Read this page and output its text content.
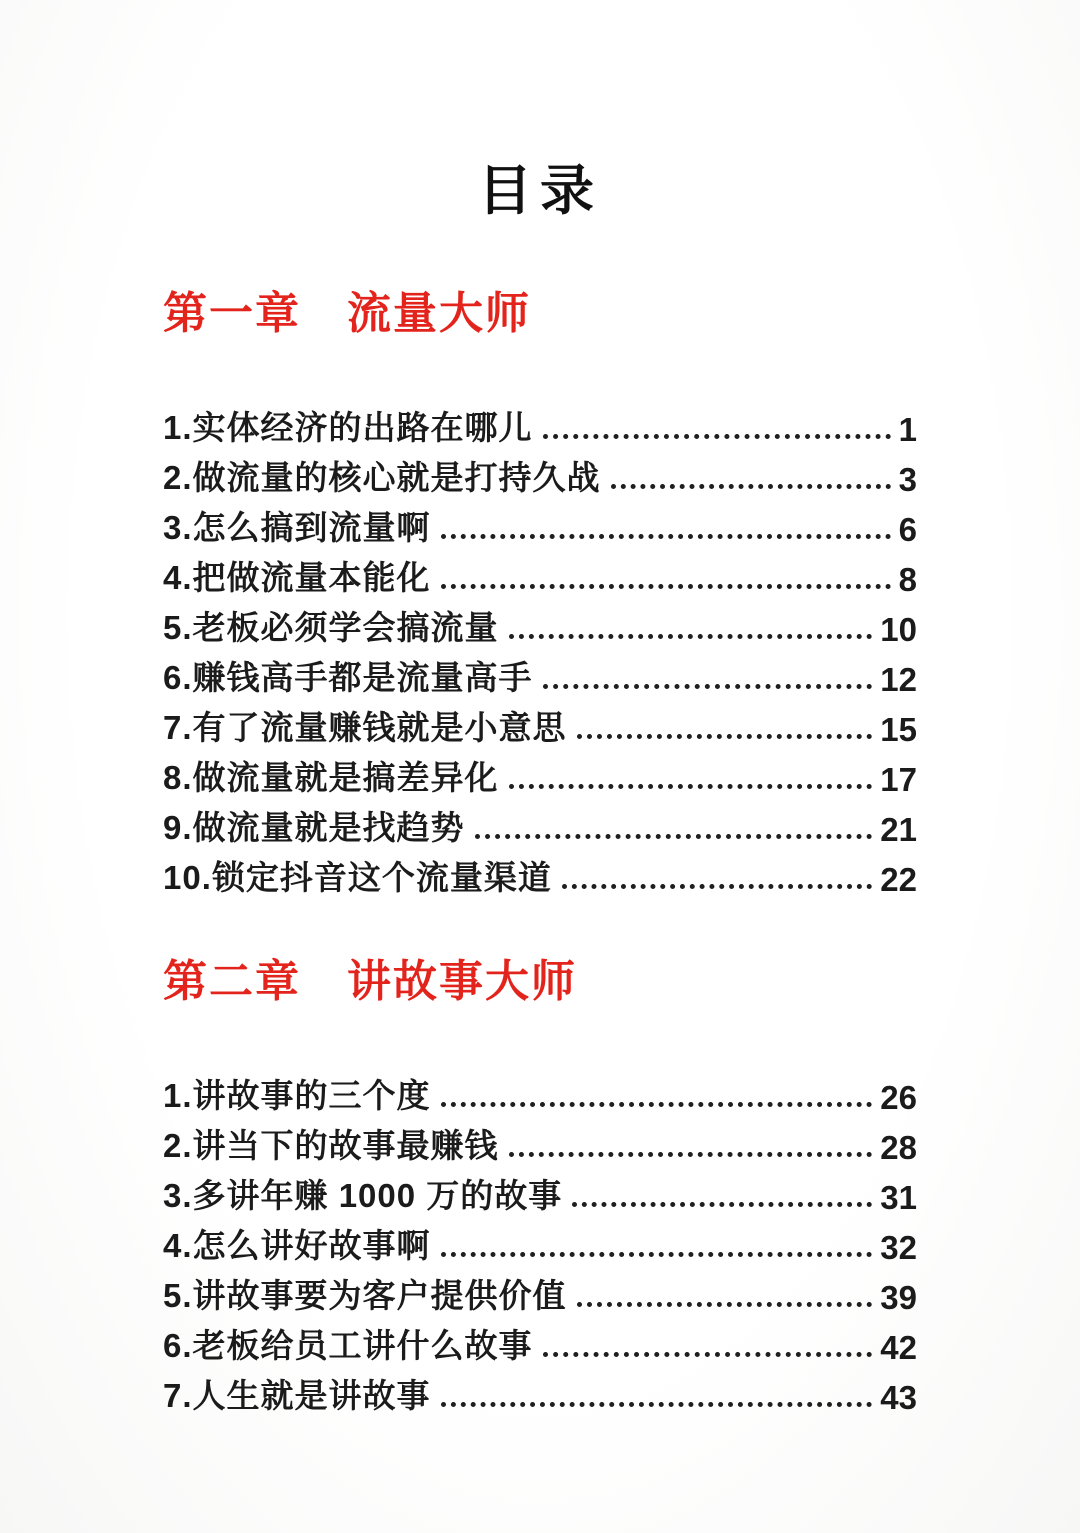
目录
第一章　流量大师
1.实体经济的出路在哪儿	1
2.做流量的核心就是打持久战	3
3.怎么搞到流量啊	6
4.把做流量本能化	8
5.老板必须学会搞流量	10
6.赚钱高手都是流量高手	12
7.有了流量赚钱就是小意思	15
8.做流量就是搞差异化	17
9.做流量就是找趋势	21
10.锁定抖音这个流量渠道	22
第二章　讲故事大师
1.讲故事的三个度	26
2.讲当下的故事最赚钱	28
3.多讲年赚 1000 万的故事	31
4.怎么讲好故事啊	32
5.讲故事要为客户提供价值	39
6.老板给员工讲什么故事	42
7.人生就是讲故事	43
